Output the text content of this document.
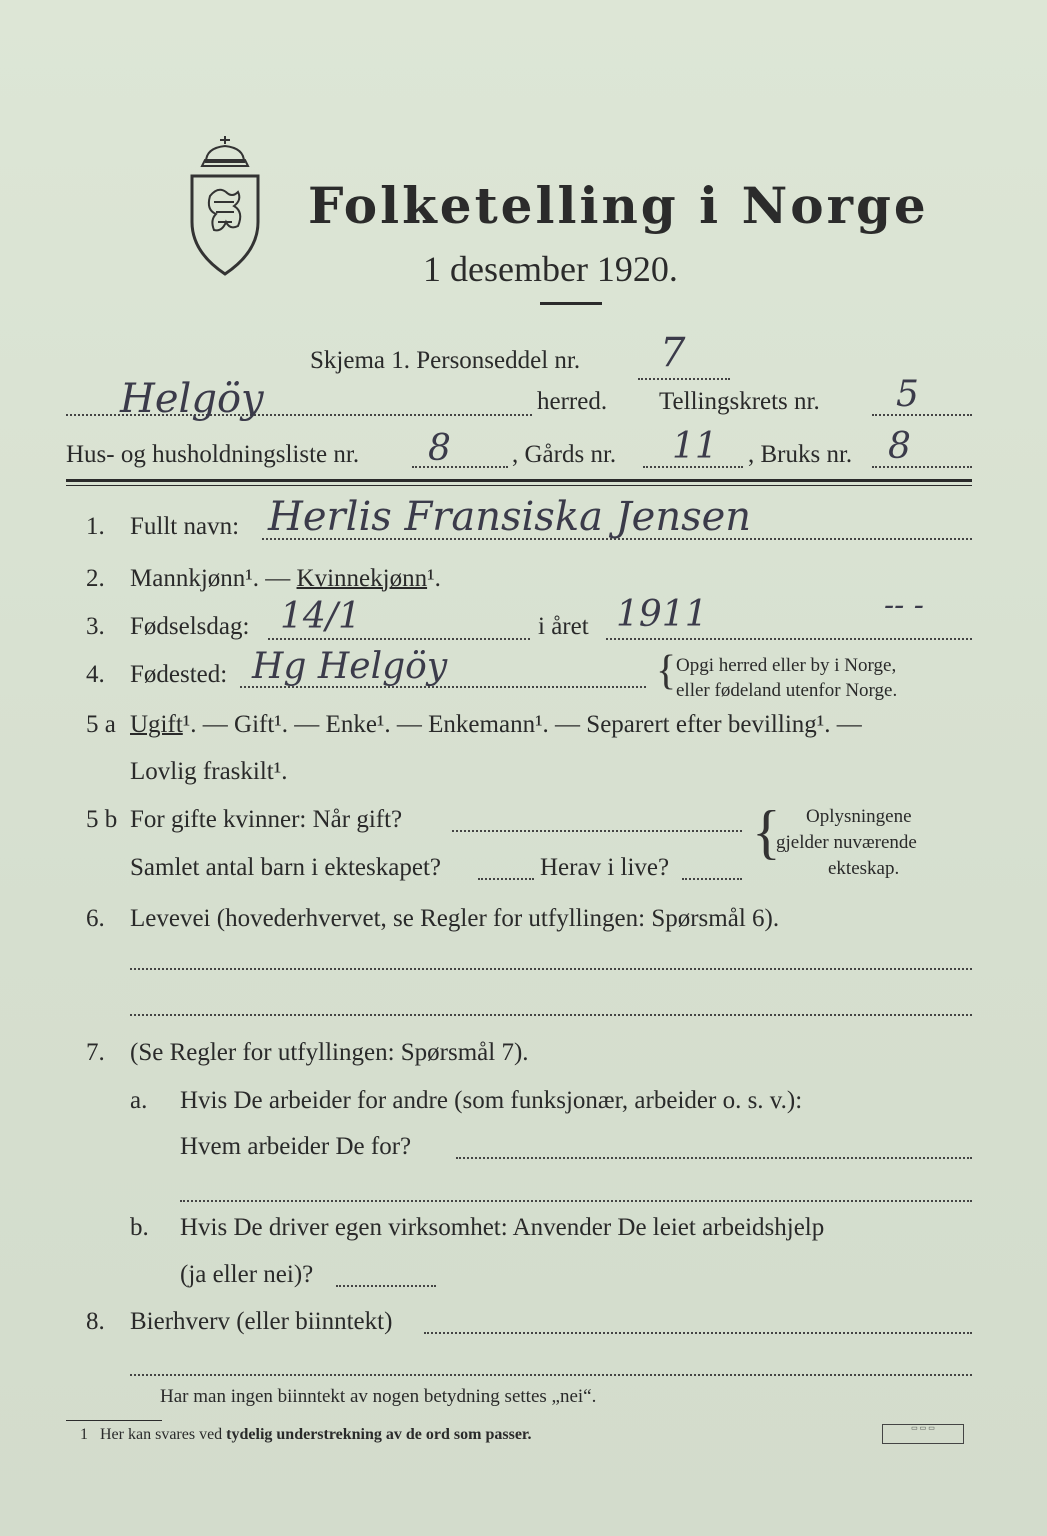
Folketelling i Norge
1 desember 1920.
Skjema 1. Personseddel nr. 7
Helgöy	herred. Tellingskrets nr. 5
Hus- og husholdningsliste nr. 8 , Gårds nr. 11 , Bruks nr. 8
1. Fullt navn: Herlis Fransiska Jensen
2. Mannkjønn¹. — Kvinnekjønn¹.
3. Fødselsdag: 14/1	i året 1911	-- -
4. Fødested: Hg Helgöy	{ Opgi herred eller by i Norge,
eller fødeland utenfor Norge.
5 a Ugift¹. — Gift¹. — Enke¹. — Enkemann¹. — Separert efter bevilling¹. —
Lovlig fraskilt¹.
5 b For gifte kvinner: Når gift?
Samlet antal barn i ekteskapet?	Herav i live?
{ Oplysningene
gjelder nuværende
ekteskap.
6. Levevei (hovederhvervet, se Regler for utfyllingen: Spørsmål 6).
7. (Se Regler for utfyllingen: Spørsmål 7).
a. Hvis De arbeider for andre (som funksjonær, arbeider o. s. v.):
Hvem arbeider De for?
b. Hvis De driver egen virksomhet: Anvender De leiet arbeidshjelp
(ja eller nei)?
8. Bierhverv (eller biinntekt)
Har man ingen biinntekt av nogen betydning settes „nei“.
1 Her kan svares ved tydelig understrekning av de ord som passer.	▭ ▭ ▭
